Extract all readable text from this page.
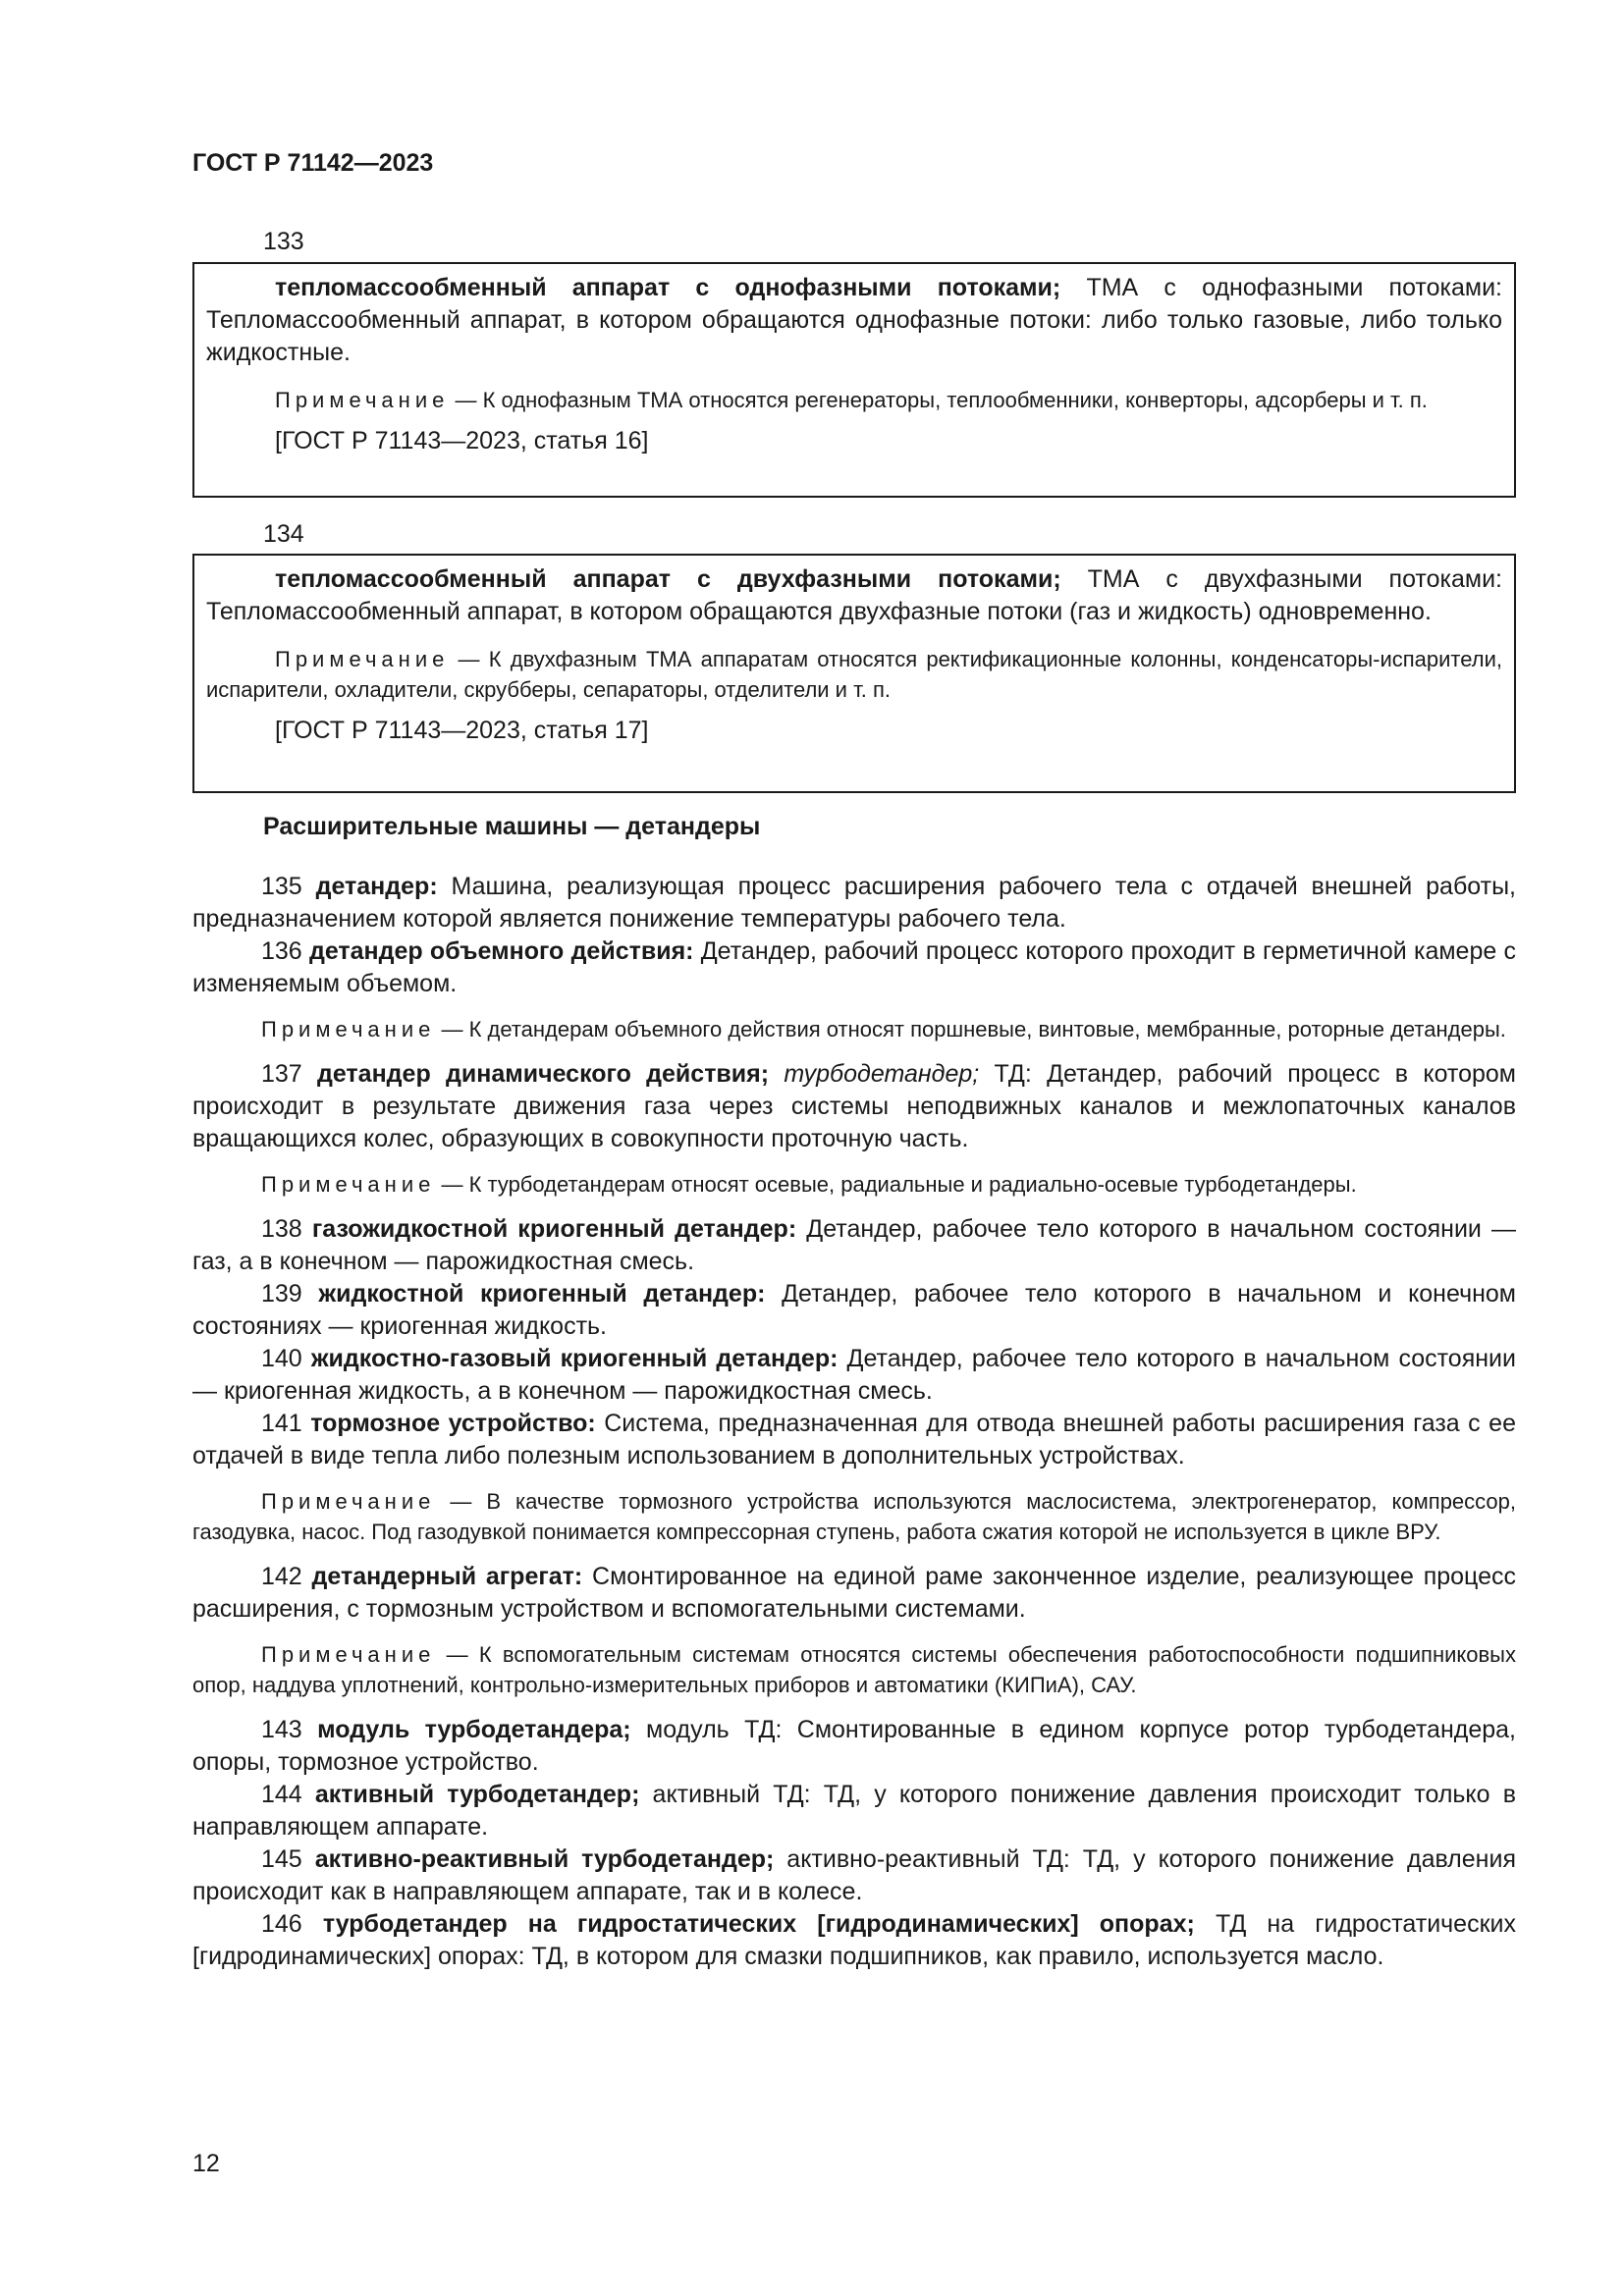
ГОСТ Р 71142—2023
133

тепломассообменный аппарат с однофазными потоками; ТМА с однофазными потоками: Тепломассообменный аппарат, в котором обращаются однофазные потоки: либо только газовые, либо только жидкостные.

Примечание — К однофазным ТМА относятся регенераторы, теплообменники, конверторы, адсорберы и т. п.

[ГОСТ Р 71143—2023, статья 16]

134

тепломассообменный аппарат с двухфазными потоками; ТМА с двухфазными потоками: Тепломассообменный аппарат, в котором обращаются двухфазные потоки (газ и жидкость) одновременно.

Примечание — К двухфазным ТМА аппаратам относятся ректификационные колонны, конденсаторы-испарители, испарители, охладители, скрубберы, сепараторы, отделители и т. п.

[ГОСТ Р 71143—2023, статья 17]

Расширительные машины — детандеры

135 детандер: Машина, реализующая процесс расширения рабочего тела с отдачей внешней работы, предназначением которой является понижение температуры рабочего тела.

136 детандер объемного действия: Детандер, рабочий процесс которого проходит в герметичной камере с изменяемым объемом.

Примечание — К детандерам объемного действия относят поршневые, винтовые, мембранные, роторные детандеры.

137 детандер динамического действия; турбодетандер; ТД: Детандер, рабочий процесс в котором происходит в результате движения газа через системы неподвижных каналов и межлопаточных каналов вращающихся колес, образующих в совокупности проточную часть.

Примечание — К турбодетандерам относят осевые, радиальные и радиально-осевые турбодетандеры.

138 газожидкостной криогенный детандер: Детандер, рабочее тело которого в начальном состоянии — газ, а в конечном — парожидкостная смесь.

139 жидкостной криогенный детандер: Детандер, рабочее тело которого в начальном и конечном состояниях — криогенная жидкость.

140 жидкостно-газовый криогенный детандер: Детандер, рабочее тело которого в начальном состоянии — криогенная жидкость, а в конечном — парожидкостная смесь.

141 тормозное устройство: Система, предназначенная для отвода внешней работы расширения газа с ее отдачей в виде тепла либо полезным использованием в дополнительных устройствах.

Примечание — В качестве тормозного устройства используются маслосистема, электрогенератор, компрессор, газодувка, насос. Под газодувкой понимается компрессорная ступень, работа сжатия которой не используется в цикле ВРУ.

142 детандерный агрегат: Смонтированное на единой раме законченное изделие, реализующее процесс расширения, с тормозным устройством и вспомогательными системами.

Примечание — К вспомогательным системам относятся системы обеспечения работоспособности подшипниковых опор, наддува уплотнений, контрольно-измерительных приборов и автоматики (КИПиА), САУ.

143 модуль турбодетандера; модуль ТД: Смонтированные в едином корпусе ротор турбодетандера, опоры, тормозное устройство.

144 активный турбодетандер; активный ТД: ТД, у которого понижение давления происходит только в направляющем аппарате.

145 активно-реактивный турбодетандер; активно-реактивный ТД: ТД, у которого понижение давления происходит как в направляющем аппарате, так и в колесе.

146 турбодетандер на гидростатических [гидродинамических] опорах; ТД на гидростатических [гидродинамических] опорах: ТД, в котором для смазки подшипников, как правило, используется масло.

12
